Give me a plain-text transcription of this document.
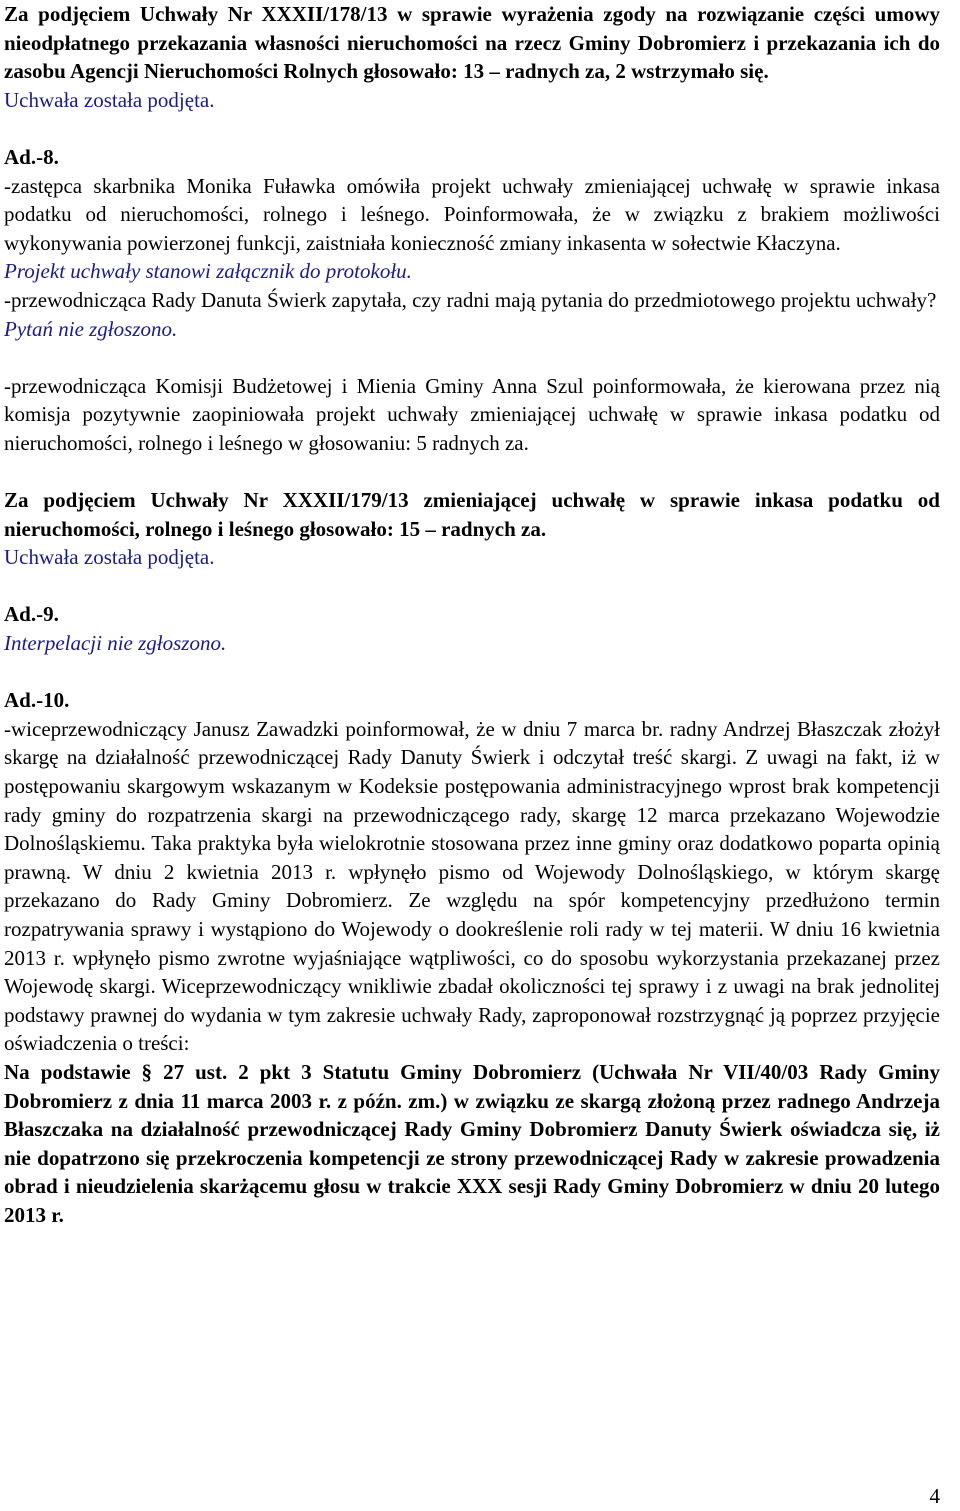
Za podjęciem Uchwały Nr XXXII/178/13 w sprawie wyrażenia zgody na rozwiązanie części umowy nieodpłatnego przekazania własności nieruchomości na rzecz Gminy Dobromierz i przekazania ich do zasobu Agencji Nieruchomości Rolnych głosowało: 13 – radnych za, 2 wstrzymało się.

Uchwała została podjęta.

Ad.-8.

-zastępca skarbnika Monika Fuławka omówiła projekt uchwały zmieniającej uchwałę w sprawie inkasa podatku od nieruchomości, rolnego i leśnego. Poinformowała, że w związku z brakiem możliwości wykonywania powierzonej funkcji, zaistniała konieczność zmiany inkasenta w sołectwie Kłaczyna.

Projekt uchwały stanowi załącznik do protokołu.

-przewodnicząca Rady Danuta Świerk zapytała, czy radni mają pytania do przedmiotowego projektu uchwały?

Pytań nie zgłoszono.

-przewodnicząca Komisji Budżetowej i Mienia Gminy Anna Szul poinformowała, że kierowana przez nią komisja pozytywnie zaopiniowała projekt uchwały zmieniającej uchwałę w sprawie inkasa podatku od nieruchomości, rolnego i leśnego w głosowaniu: 5 radnych za.

Za podjęciem Uchwały Nr XXXII/179/13 zmieniającej uchwałę w sprawie inkasa podatku od nieruchomości, rolnego i leśnego głosowało: 15 – radnych za.

Uchwała została podjęta.

Ad.-9.

Interpelacji nie zgłoszono.

Ad.-10.

-wiceprzewodniczący Janusz Zawadzki poinformował, że w dniu 7 marca br. radny Andrzej Błaszczak złożył skargę na działalność przewodniczącej Rady Danuty Świerk i odczytał treść skargi. Z uwagi na fakt, iż w postępowaniu skargowym wskazanym w Kodeksie postępowania administracyjnego wprost brak kompetencji rady gminy do rozpatrzenia skargi na przewodniczącego rady, skargę 12 marca przekazano Wojewodzie Dolnośląskiemu. Taka praktyka była wielokrotnie stosowana przez inne gminy oraz dodatkowo poparta opinią prawną. W dniu 2 kwietnia 2013 r. wpłynęło pismo od Wojewody Dolnośląskiego, w którym skargę przekazano do Rady Gminy Dobromierz. Ze względu na spór kompetencyjny przedłużono termin rozpatrywania sprawy i wystąpiono do Wojewody o dookreślenie roli rady w tej materii. W dniu 16 kwietnia 2013 r. wpłynęło pismo zwrotne wyjaśniające wątpliwości, co do sposobu wykorzystania przekazanej przez Wojewodę skargi. Wiceprzewodniczący wnikliwie zbadał okoliczności tej sprawy i z uwagi na brak jednolitej podstawy prawnej do wydania w tym zakresie uchwały Rady, zaproponował rozstrzygnąć ją poprzez przyjęcie oświadczenia o treści:

Na podstawie § 27 ust. 2 pkt 3 Statutu Gminy Dobromierz (Uchwała Nr VII/40/03 Rady Gminy Dobromierz z dnia 11 marca 2003 r. z późn. zm.) w związku ze skargą złożoną przez radnego Andrzeja Błaszczaka na działalność przewodniczącej Rady Gminy Dobromierz Danuty Świerk oświadcza się, iż nie dopatrzono się przekroczenia kompetencji ze strony przewodniczącej Rady w zakresie prowadzenia obrad i nieudzielenia skarżącemu głosu w trakcie XXX sesji Rady Gminy Dobromierz w dniu 20 lutego 2013 r.

4
